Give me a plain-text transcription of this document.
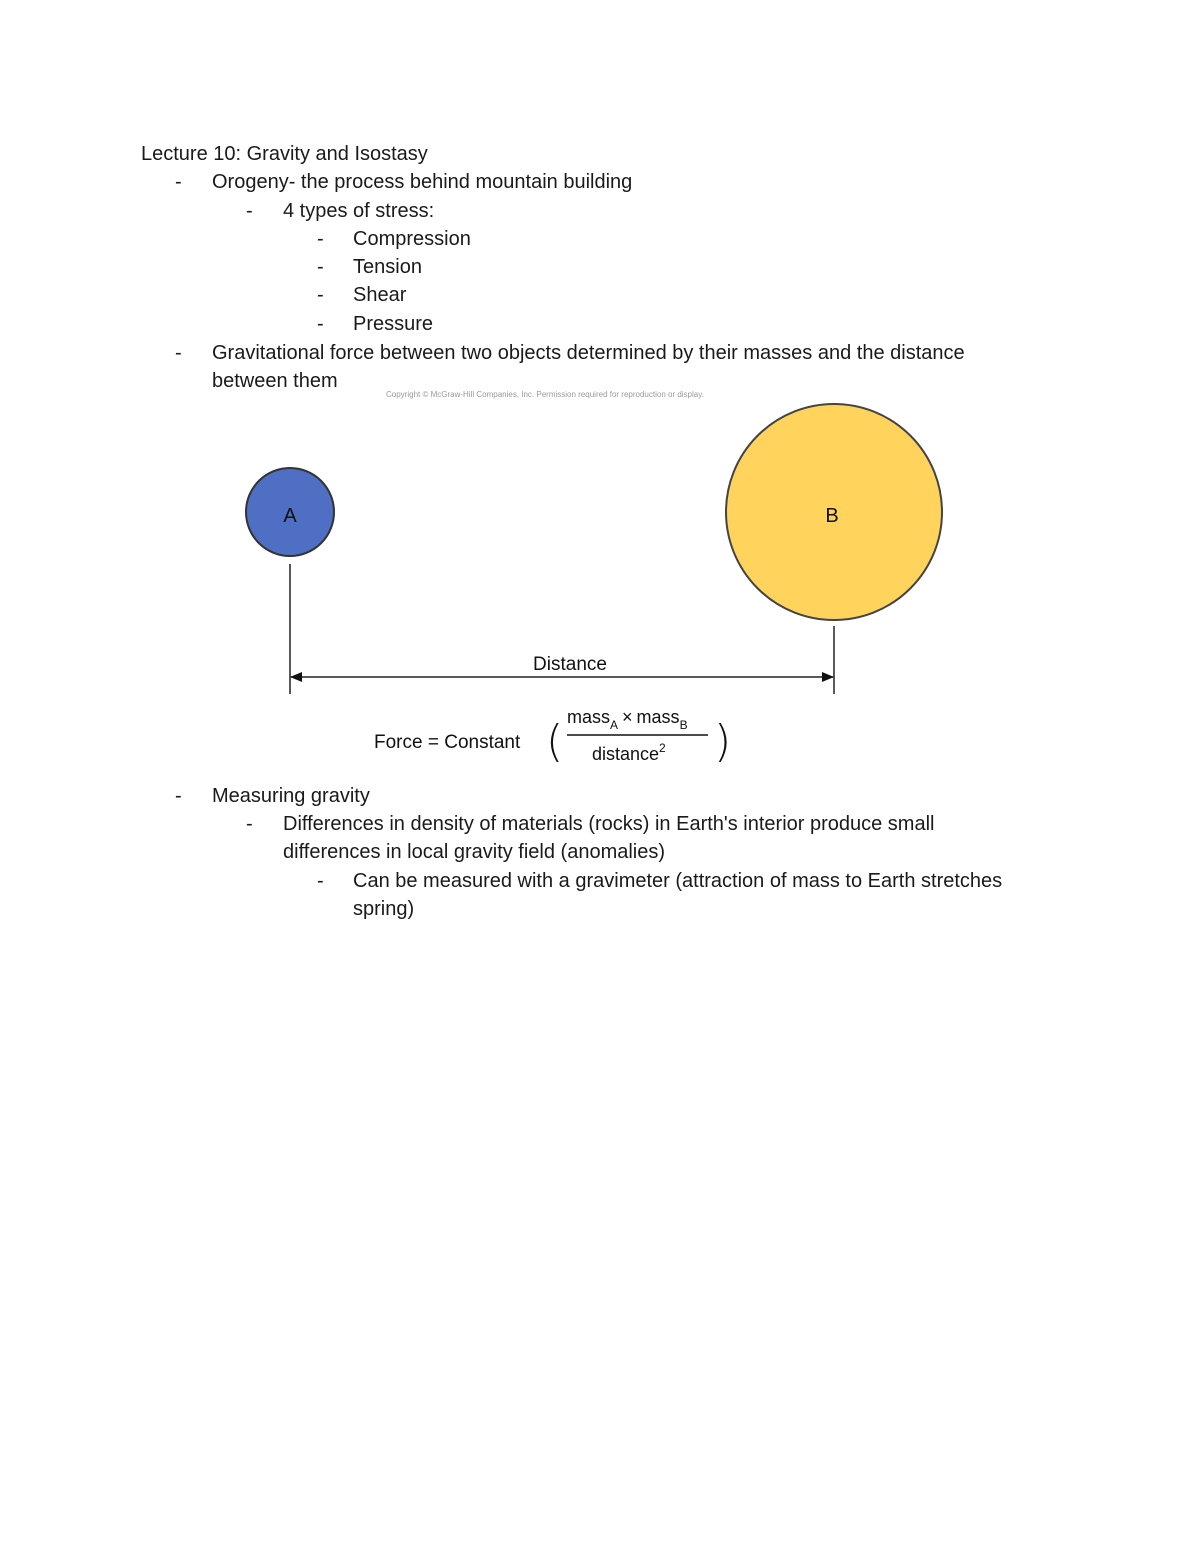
Lecture 10: Gravity and Isostasy
- Orogeny- the process behind mountain building
- 4 types of stress:
- Compression
- Tension
- Shear
- Pressure
- Gravitational force between two objects determined by their masses and the distance
between them
Copyright © McGraw-Hill Companies, Inc. Permission required for reproduction or display.
A	B
Distance
Force = Constant (	)
mass$_A$ × mass$_B$
distance$^2$
- Measuring gravity
- Differences in density of materials (rocks) in Earth's interior produce small
differences in local gravity field (anomalies)
- Can be measured with a gravimeter (attraction of mass to Earth stretches
spring)
